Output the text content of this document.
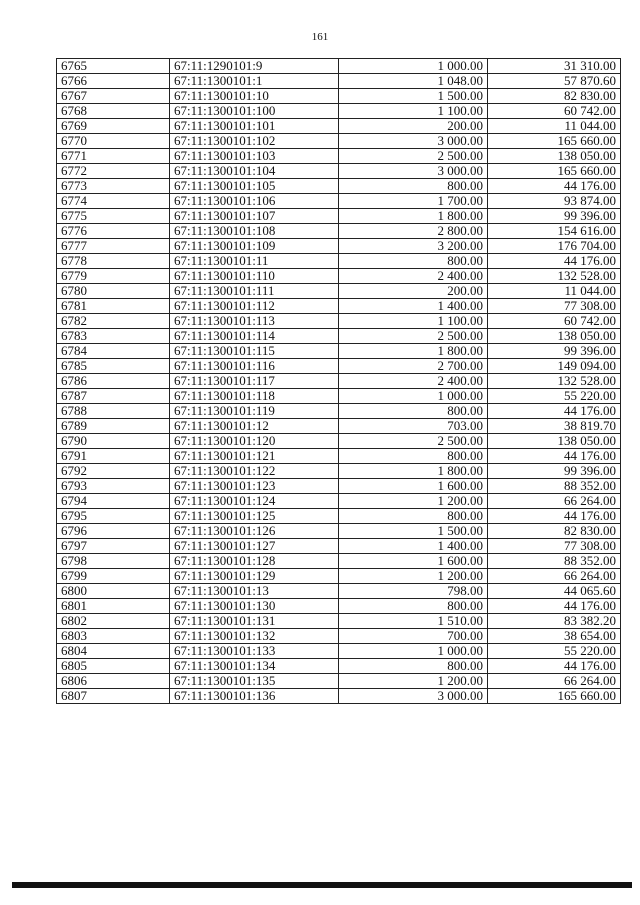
161
6765	67:11:1290101:9	1 000.00	31 310.00
6766	67:11:1300101:1	1 048.00	57 870.60
6767	67:11:1300101:10	1 500.00	82 830.00
6768	67:11:1300101:100	1 100.00	60 742.00
6769	67:11:1300101:101	200.00	11 044.00
6770	67:11:1300101:102	3 000.00	165 660.00
6771	67:11:1300101:103	2 500.00	138 050.00
6772	67:11:1300101:104	3 000.00	165 660.00
6773	67:11:1300101:105	800.00	44 176.00
6774	67:11:1300101:106	1 700.00	93 874.00
6775	67:11:1300101:107	1 800.00	99 396.00
6776	67:11:1300101:108	2 800.00	154 616.00
6777	67:11:1300101:109	3 200.00	176 704.00
6778	67:11:1300101:11	800.00	44 176.00
6779	67:11:1300101:110	2 400.00	132 528.00
6780	67:11:1300101:111	200.00	11 044.00
6781	67:11:1300101:112	1 400.00	77 308.00
6782	67:11:1300101:113	1 100.00	60 742.00
6783	67:11:1300101:114	2 500.00	138 050.00
6784	67:11:1300101:115	1 800.00	99 396.00
6785	67:11:1300101:116	2 700.00	149 094.00
6786	67:11:1300101:117	2 400.00	132 528.00
6787	67:11:1300101:118	1 000.00	55 220.00
6788	67:11:1300101:119	800.00	44 176.00
6789	67:11:1300101:12	703.00	38 819.70
6790	67:11:1300101:120	2 500.00	138 050.00
6791	67:11:1300101:121	800.00	44 176.00
6792	67:11:1300101:122	1 800.00	99 396.00
6793	67:11:1300101:123	1 600.00	88 352.00
6794	67:11:1300101:124	1 200.00	66 264.00
6795	67:11:1300101:125	800.00	44 176.00
6796	67:11:1300101:126	1 500.00	82 830.00
6797	67:11:1300101:127	1 400.00	77 308.00
6798	67:11:1300101:128	1 600.00	88 352.00
6799	67:11:1300101:129	1 200.00	66 264.00
6800	67:11:1300101:13	798.00	44 065.60
6801	67:11:1300101:130	800.00	44 176.00
6802	67:11:1300101:131	1 510.00	83 382.20
6803	67:11:1300101:132	700.00	38 654.00
6804	67:11:1300101:133	1 000.00	55 220.00
6805	67:11:1300101:134	800.00	44 176.00
6806	67:11:1300101:135	1 200.00	66 264.00
6807	67:11:1300101:136	3 000.00	165 660.00
